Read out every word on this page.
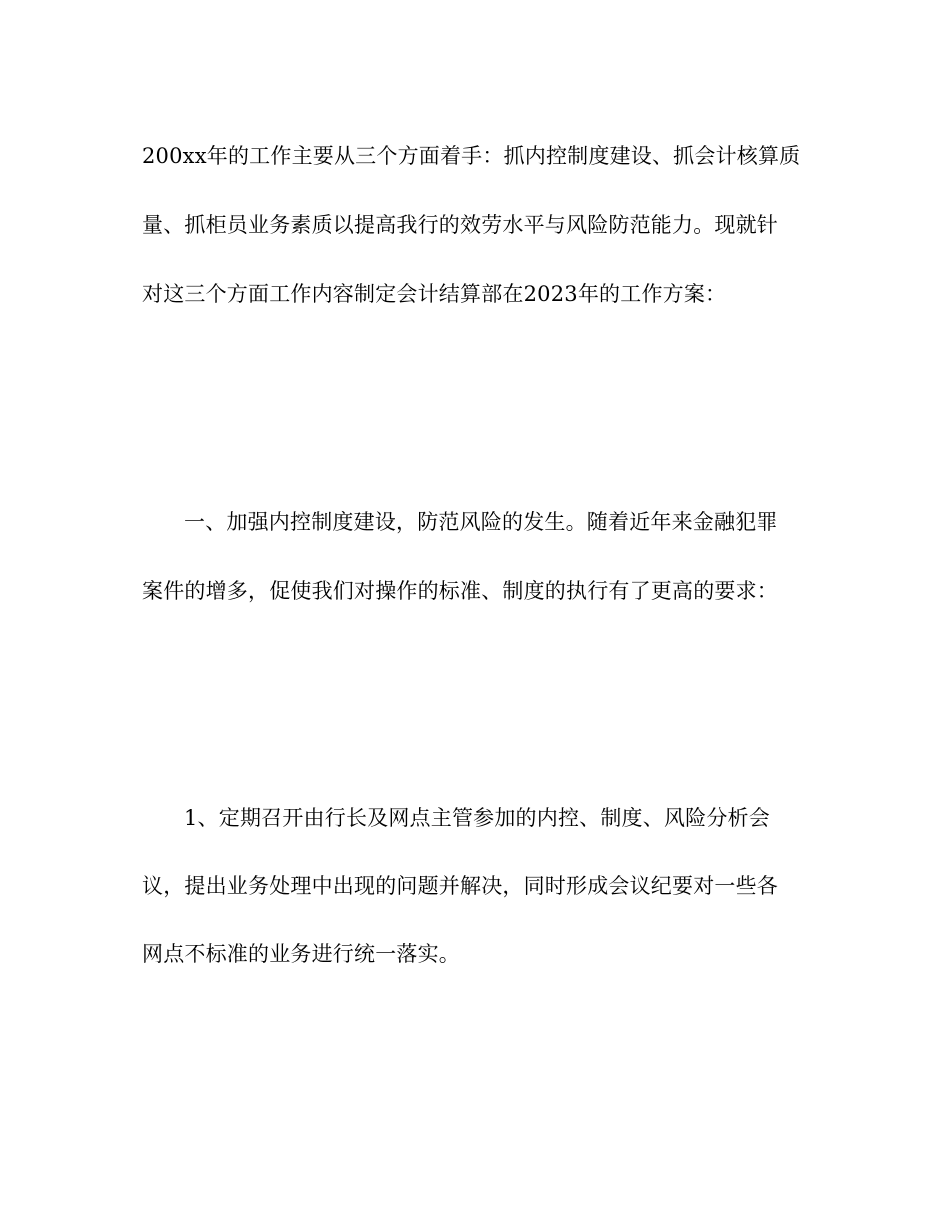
200xx年的工作主要从三个方面着手：抓内控制度建设、抓会计核算质
量、抓柜员业务素质以提高我行的效劳水平与风险防范能力。现就针
对这三个方面工作内容制定会计结算部在2023年的工作方案：
一、加强内控制度建设，防范风险的发生。随着近年来金融犯罪
案件的增多，促使我们对操作的标准、制度的执行有了更高的要求：
1、定期召开由行长及网点主管参加的内控、制度、风险分析会
议，提出业务处理中出现的问题并解决，同时形成会议纪要对一些各
网点不标准的业务进行统一落实。
